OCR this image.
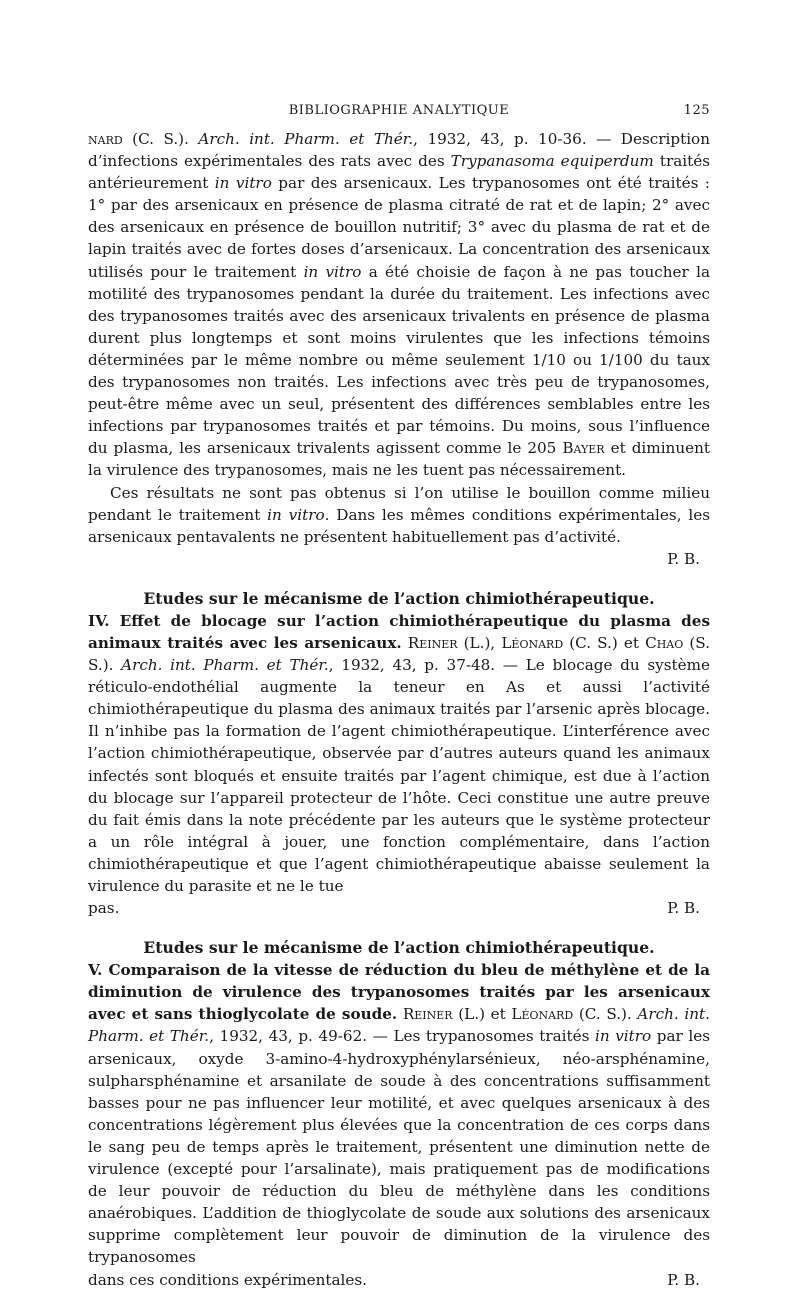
BIBLIOGRAPHIE ANALYTIQUE	125

nard (C. S.). Arch. int. Pharm. et Thér., 1932, 43, p. 10-36. — Description d’infections expérimentales des rats avec des Trypanasoma equiperdum traités antérieurement in vitro par des arsenicaux. Les trypanosomes ont été traités : 1° par des arsenicaux en présence de plasma citraté de rat et de lapin; 2° avec des arsenicaux en présence de bouillon nutritif; 3° avec du plasma de rat et de lapin traités avec de fortes doses d’arsenicaux. La concentration des arsenicaux utilisés pour le traitement in vitro a été choisie de façon à ne pas toucher la motilité des trypanosomes pendant la durée du traitement. Les infections avec des trypanosomes traités avec des arsenicaux trivalents en présence de plasma durent plus longtemps et sont moins virulentes que les infections témoins déterminées par le même nombre ou même seulement 1/10 ou 1/100 du taux des trypanosomes non traités. Les infections avec très peu de trypanosomes, peut-être même avec un seul, présentent des différences semblables entre les infections par trypanosomes traités et par témoins. Du moins, sous l’influence du plasma, les arsenicaux trivalents agissent comme le 205 Bayer et diminuent la virulence des trypanosomes, mais ne les tuent pas nécessairement.

Ces résultats ne sont pas obtenus si l’on utilise le bouillon comme milieu pendant le traitement in vitro. Dans les mêmes conditions expérimentales, les arsenicaux pentavalents ne présentent habituellement pas d’activité.

P. B.

Etudes sur le mécanisme de l’action chimiothérapeutique.

IV. Effet de blocage sur l’action chimiothérapeutique du plasma des animaux traités avec les arsenicaux. Reiner (L.), Léonard (C. S.) et Chao (S. S.). Arch. int. Pharm. et Thér., 1932, 43, p. 37-48. — Le blocage du système réticulo-endothélial augmente la teneur en As et aussi l’activité chimiothérapeutique du plasma des animaux traités par l’arsenic après blocage. Il n’inhibe pas la formation de l’agent chimiothérapeutique. L’interférence avec l’action chimiothérapeutique, observée par d’autres auteurs quand les animaux infectés sont bloqués et ensuite traités par l’agent chimique, est due à l’action du blocage sur l’appareil protecteur de l’hôte. Ceci constitue une autre preuve du fait émis dans la note précédente par les auteurs que le système protecteur a un rôle intégral à jouer, une fonction complémentaire, dans l’action chimiothérapeutique et que l’agent chimiothérapeutique abaisse seulement la virulence du parasite et ne le tue

pas.	P. B.

Etudes sur le mécanisme de l’action chimiothérapeutique.

V. Comparaison de la vitesse de réduction du bleu de méthylène et de la diminution de virulence des trypanosomes traités par les arsenicaux avec et sans thioglycolate de soude. Reiner (L.) et Léonard (C. S.). Arch. int. Pharm. et Thér., 1932, 43, p. 49-62. — Les trypanosomes traités in vitro par les arsenicaux, oxyde 3-amino-4-hydroxyphénylarsénieux, néo-arsphénamine, sulpharsphénamine et arsanilate de soude à des concentrations suffisamment basses pour ne pas influencer leur motilité, et avec quelques arsenicaux à des concentrations légèrement plus élevées que la concentration de ces corps dans le sang peu de temps après le traitement, présentent une diminution nette de virulence (excepté pour l’arsalinate), mais pratiquement pas de modifications de leur pouvoir de réduction du bleu de méthylène dans les conditions anaérobiques. L’addition de thioglycolate de soude aux solutions des arsenicaux supprime complètement leur pouvoir de diminution de la virulence des trypanosomes

dans ces conditions expérimentales.	P. B.
